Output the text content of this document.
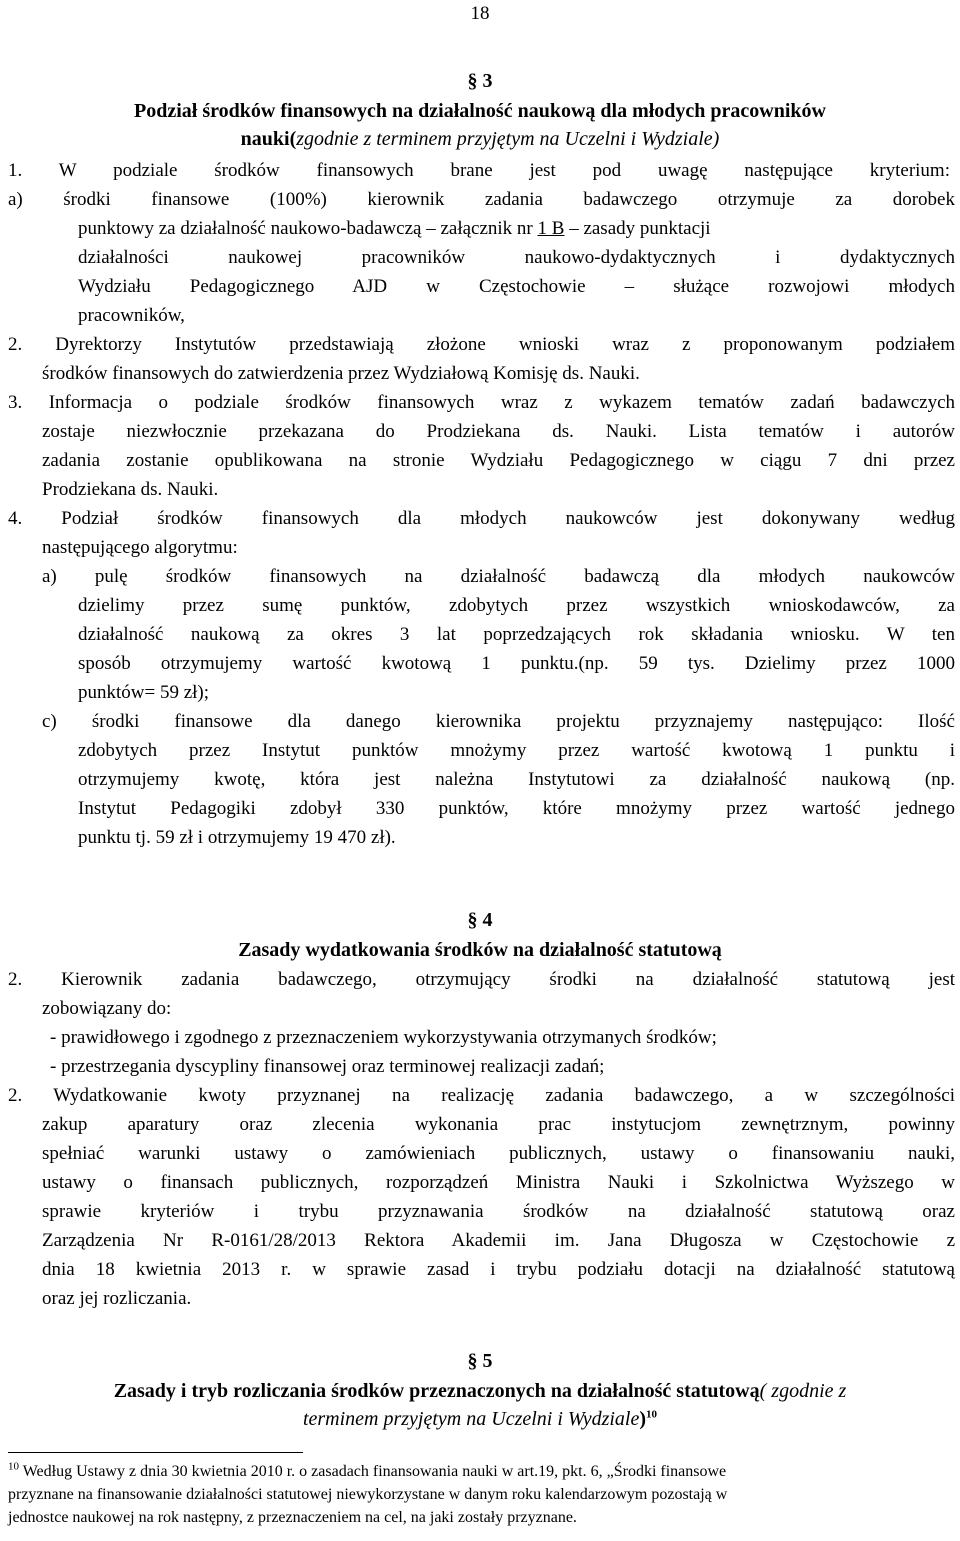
18
§ 3
Podział środków finansowych na działalność naukową dla młodych pracowników
nauki(zgodnie z terminem przyjętym na Uczelni i Wydziale)
1. W podziale środków finansowych brane jest pod uwagę następujące kryterium:
a) środki finansowe (100%) kierownik zadania badawczego otrzymuje za dorobek
punktowy za działalność naukowo-badawczą – załącznik nr 1 B – zasady punktacji
działalności naukowej pracowników naukowo-dydaktycznych i dydaktycznych
Wydziału Pedagogicznego AJD w Częstochowie – służące rozwojowi młodych
pracowników,
2. Dyrektorzy Instytutów przedstawiają złożone wnioski wraz z proponowanym podziałem
środków finansowych do zatwierdzenia przez Wydziałową Komisję ds. Nauki.
3. Informacja o podziale środków finansowych wraz z wykazem tematów zadań badawczych
zostaje niezwłocznie przekazana do Prodziekana ds. Nauki. Lista tematów i autorów
zadania zostanie opublikowana na stronie Wydziału Pedagogicznego w ciągu 7 dni przez
Prodziekana ds. Nauki.
4. Podział środków finansowych dla młodych naukowców jest dokonywany według
następującego algorytmu:
a) pulę środków finansowych na działalność badawczą dla młodych naukowców
dzielimy przez sumę punktów, zdobytych przez wszystkich wnioskodawców, za
działalność naukową za okres 3 lat poprzedzających rok składania wniosku. W ten
sposób otrzymujemy wartość kwotową 1 punktu.(np. 59 tys. Dzielimy przez 1000
punktów= 59 zł);
c) środki finansowe dla danego kierownika projektu przyznajemy następująco: Ilość
zdobytych przez Instytut punktów mnożymy przez wartość kwotową 1 punktu i
otrzymujemy kwotę, która jest należna Instytutowi za działalność naukową (np.
Instytut Pedagogiki zdobył 330 punktów, które mnożymy przez wartość jednego
punktu tj. 59 zł i otrzymujemy 19 470 zł).
§ 4
Zasady wydatkowania środków na działalność statutową
2. Kierownik zadania badawczego, otrzymujący środki na działalność statutową jest
zobowiązany do:
- prawidłowego i zgodnego z przeznaczeniem wykorzystywania otrzymanych środków;
- przestrzegania dyscypliny finansowej oraz terminowej realizacji zadań;
2. Wydatkowanie kwoty przyznanej na realizację zadania badawczego, a w szczególności
zakup aparatury oraz zlecenia wykonania prac instytucjom zewnętrznym, powinny
spełniać warunki ustawy o zamówieniach publicznych, ustawy o finansowaniu nauki,
ustawy o finansach publicznych, rozporządzeń Ministra Nauki i Szkolnictwa Wyższego w
sprawie kryteriów i trybu przyznawania środków na działalność statutową oraz
Zarządzenia Nr R-0161/28/2013 Rektora Akademii im. Jana Długosza w Częstochowie z
dnia 18 kwietnia 2013 r. w sprawie zasad i trybu podziału dotacji na działalność statutową
oraz jej rozliczania.
§ 5
Zasady i tryb rozliczania środków przeznaczonych na działalność statutową( zgodnie z
terminem przyjętym na Uczelni i Wydziale)$^{10}$
$^{10}$ Według Ustawy z dnia 30 kwietnia 2010 r. o zasadach finansowania nauki w art.19, pkt. 6, „Środki finansowe
przyznane na finansowanie działalności statutowej niewykorzystane w danym roku kalendarzowym pozostają w
jednostce naukowej na rok następny, z przeznaczeniem na cel, na jaki zostały przyznane.
